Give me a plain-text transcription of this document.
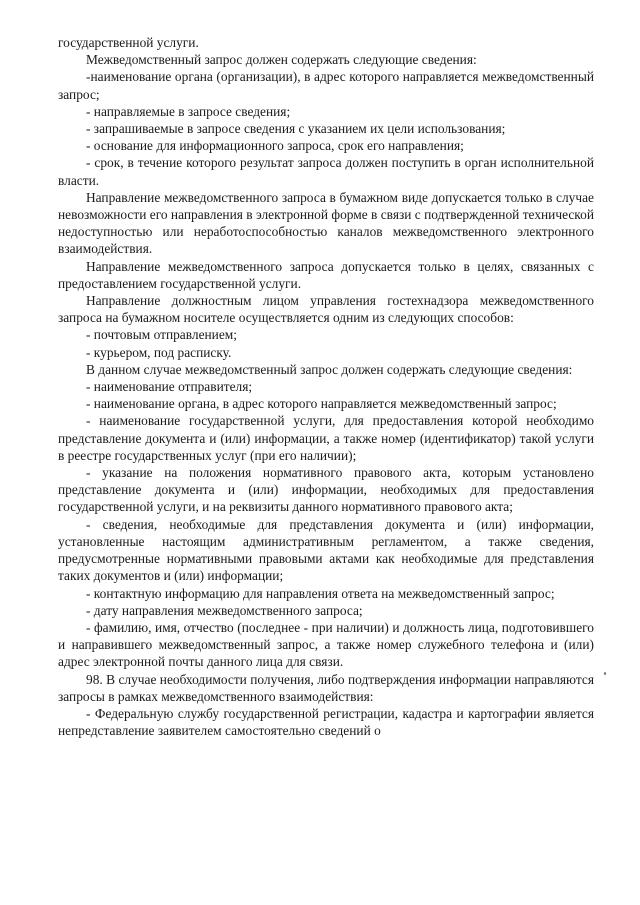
государственной услуги.

Межведомственный запрос должен содержать следующие сведения:

-наименование органа (организации), в адрес которого направляется межведомственный запрос;

- направляемые в запросе сведения;

- запрашиваемые в запросе сведения с указанием их цели использования;

- основание для информационного запроса, срок его направления;

- срок, в течение которого результат запроса должен поступить в орган исполнительной власти.

Направление межведомственного запроса в бумажном виде допускается только в случае невозможности его направления в электронной форме в связи с подтвержденной технической недоступностью или неработоспособностью каналов межведомственного электронного взаимодействия.

Направление межведомственного запроса допускается только в целях, связанных с предоставлением государственной услуги.

Направление должностным лицом управления гостехнадзора межведомственного запроса на бумажном носителе осуществляется одним из следующих способов:

- почтовым отправлением;

- курьером, под расписку.

В данном случае межведомственный запрос должен содержать следующие сведения:

- наименование отправителя;

- наименование органа, в адрес которого направляется межведомственный запрос;

- наименование государственной услуги, для предоставления которой необходимо представление документа и (или) информации, а также номер (идентификатор) такой услуги в реестре государственных услуг (при его наличии);

- указание на положения нормативного правового акта, которым установлено представление документа и (или) информации, необходимых для предоставления государственной услуги, и на реквизиты данного нормативного правового акта;

- сведения, необходимые для представления документа и (или) информации, установленные настоящим административным регламентом, а также сведения, предусмотренные нормативными правовыми актами как необходимые для представления таких документов и (или) информации;

- контактную информацию для направления ответа на межведомственный запрос;

- дату направления межведомственного запроса;

- фамилию, имя, отчество (последнее - при наличии) и должность лица, подготовившего и направившего межведомственный запрос, а также номер служебного телефона и (или) адрес электронной почты данного лица для связи.

98. В случае необходимости получения, либо подтверждения информации направляются запросы в рамках межведомственного взаимодействия:

- Федеральную службу государственной регистрации, кадастра и картографии является непредставление заявителем самостоятельно сведений о
